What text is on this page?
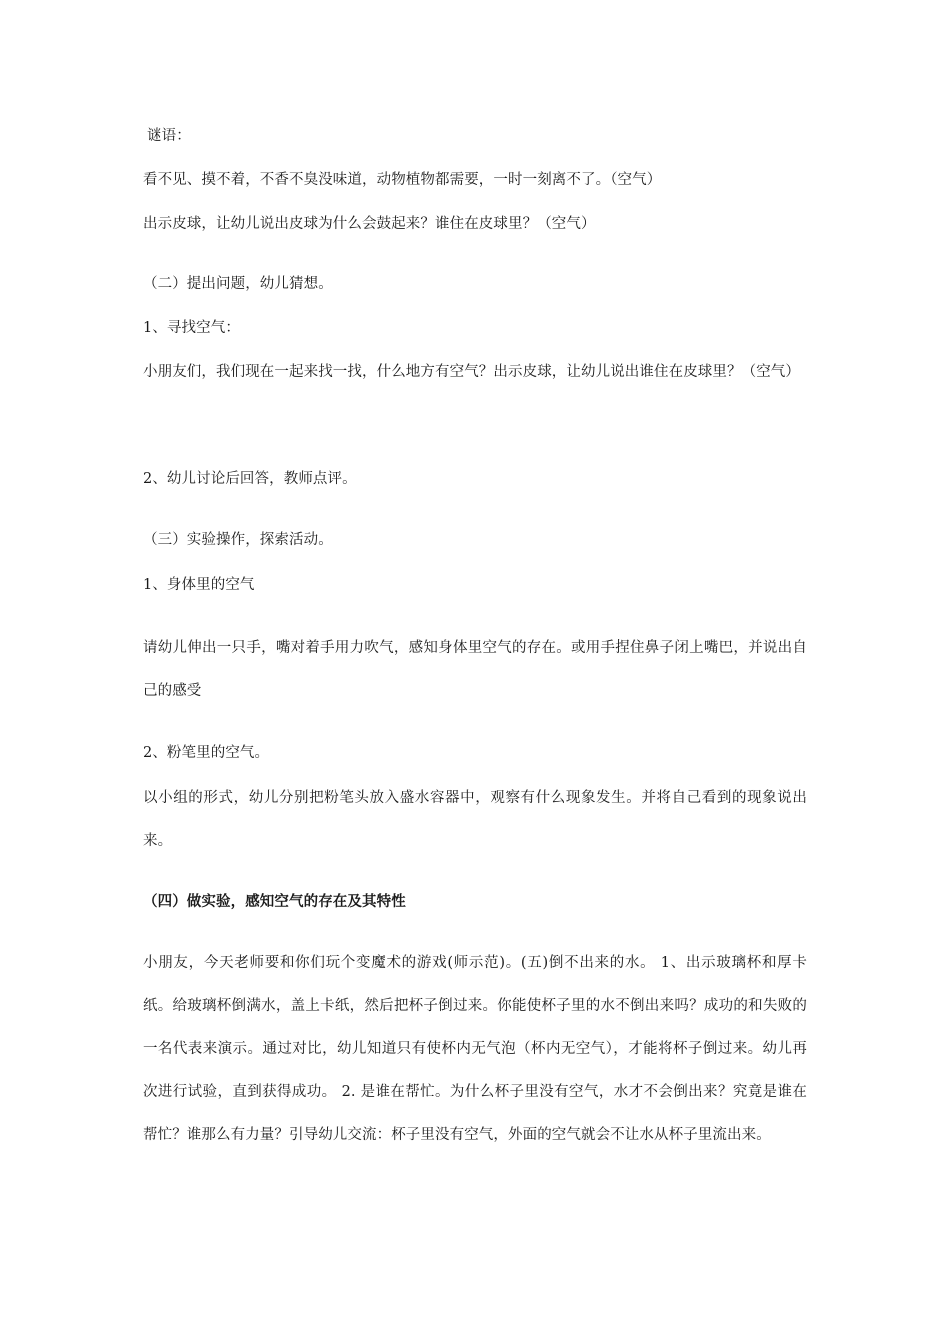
谜语：

看不见、摸不着，不香不臭没味道，动物植物都需要，一时一刻离不了。（空气）

出示皮球，让幼儿说出皮球为什么会鼓起来？谁住在皮球里？（空气）

（二）提出问题，幼儿猜想。

1、寻找空气：

小朋友们，我们现在一起来找一找，什么地方有空气？出示皮球，让幼儿说出谁住在皮球里？（空气）

2、幼儿讨论后回答，教师点评。

（三）实验操作，探索活动。

1、身体里的空气

请幼儿伸出一只手，嘴对着手用力吹气，感知身体里空气的存在。或用手捏住鼻子闭上嘴巴，并说出自己的感受

2、粉笔里的空气。

以小组的形式，幼儿分别把粉笔头放入盛水容器中，观察有什么现象发生。并将自己看到的现象说出来。

（四）做实验，感知空气的存在及其特性

小朋友，今天老师要和你们玩个变魔术的游戏(师示范)。(五)倒不出来的水。 1、出示玻璃杯和厚卡纸。给玻璃杯倒满水，盖上卡纸，然后把杯子倒过来。你能使杯子里的水不倒出来吗？成功的和失败的一名代表来演示。通过对比，幼儿知道只有使杯内无气泡（杯内无空气），才能将杯子倒过来。幼儿再次进行试验，直到获得成功。 2. 是谁在帮忙。为什么杯子里没有空气，水才不会倒出来？究竟是谁在帮忙？谁那么有力量？引导幼儿交流：杯子里没有空气，外面的空气就会不让水从杯子里流出来。
